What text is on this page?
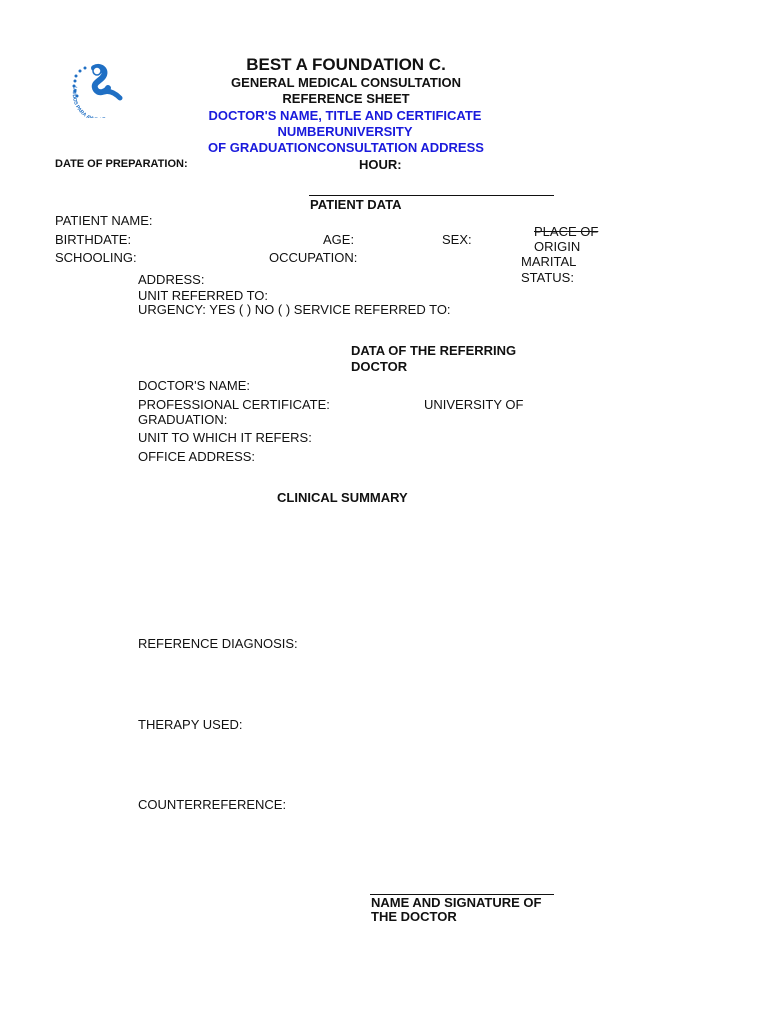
UNIDOS PARA A
BEST A FOUNDATION C.
GENERAL MEDICAL CONSULTATION
REFERENCE SHEET
DOCTOR'S NAME, TITLE AND CERTIFICATE
NUMBERUNIVERSITY
OF GRADUATIONCONSULTATION ADDRESS
DATE OF PREPARATION:	HOUR:
PATIENT DATA
PATIENT NAME:
BIRTHDATE:	AGE:	SEX:
PLACE OF
ORIGIN
SCHOOLING:	OCCUPATION:	MARITAL
STATUS:
ADDRESS:
UNIT REFERRED TO:
URGENCY: YES ( ) NO ( ) SERVICE REFERRED TO:
DATA OF THE REFERRING
DOCTOR
DOCTOR'S NAME:
PROFESSIONAL CERTIFICATE:	UNIVERSITY OF
GRADUATION:
UNIT TO WHICH IT REFERS:
OFFICE ADDRESS:
CLINICAL SUMMARY
REFERENCE DIAGNOSIS:
THERAPY USED:
COUNTERREFERENCE:
NAME AND SIGNATURE OF
THE DOCTOR
